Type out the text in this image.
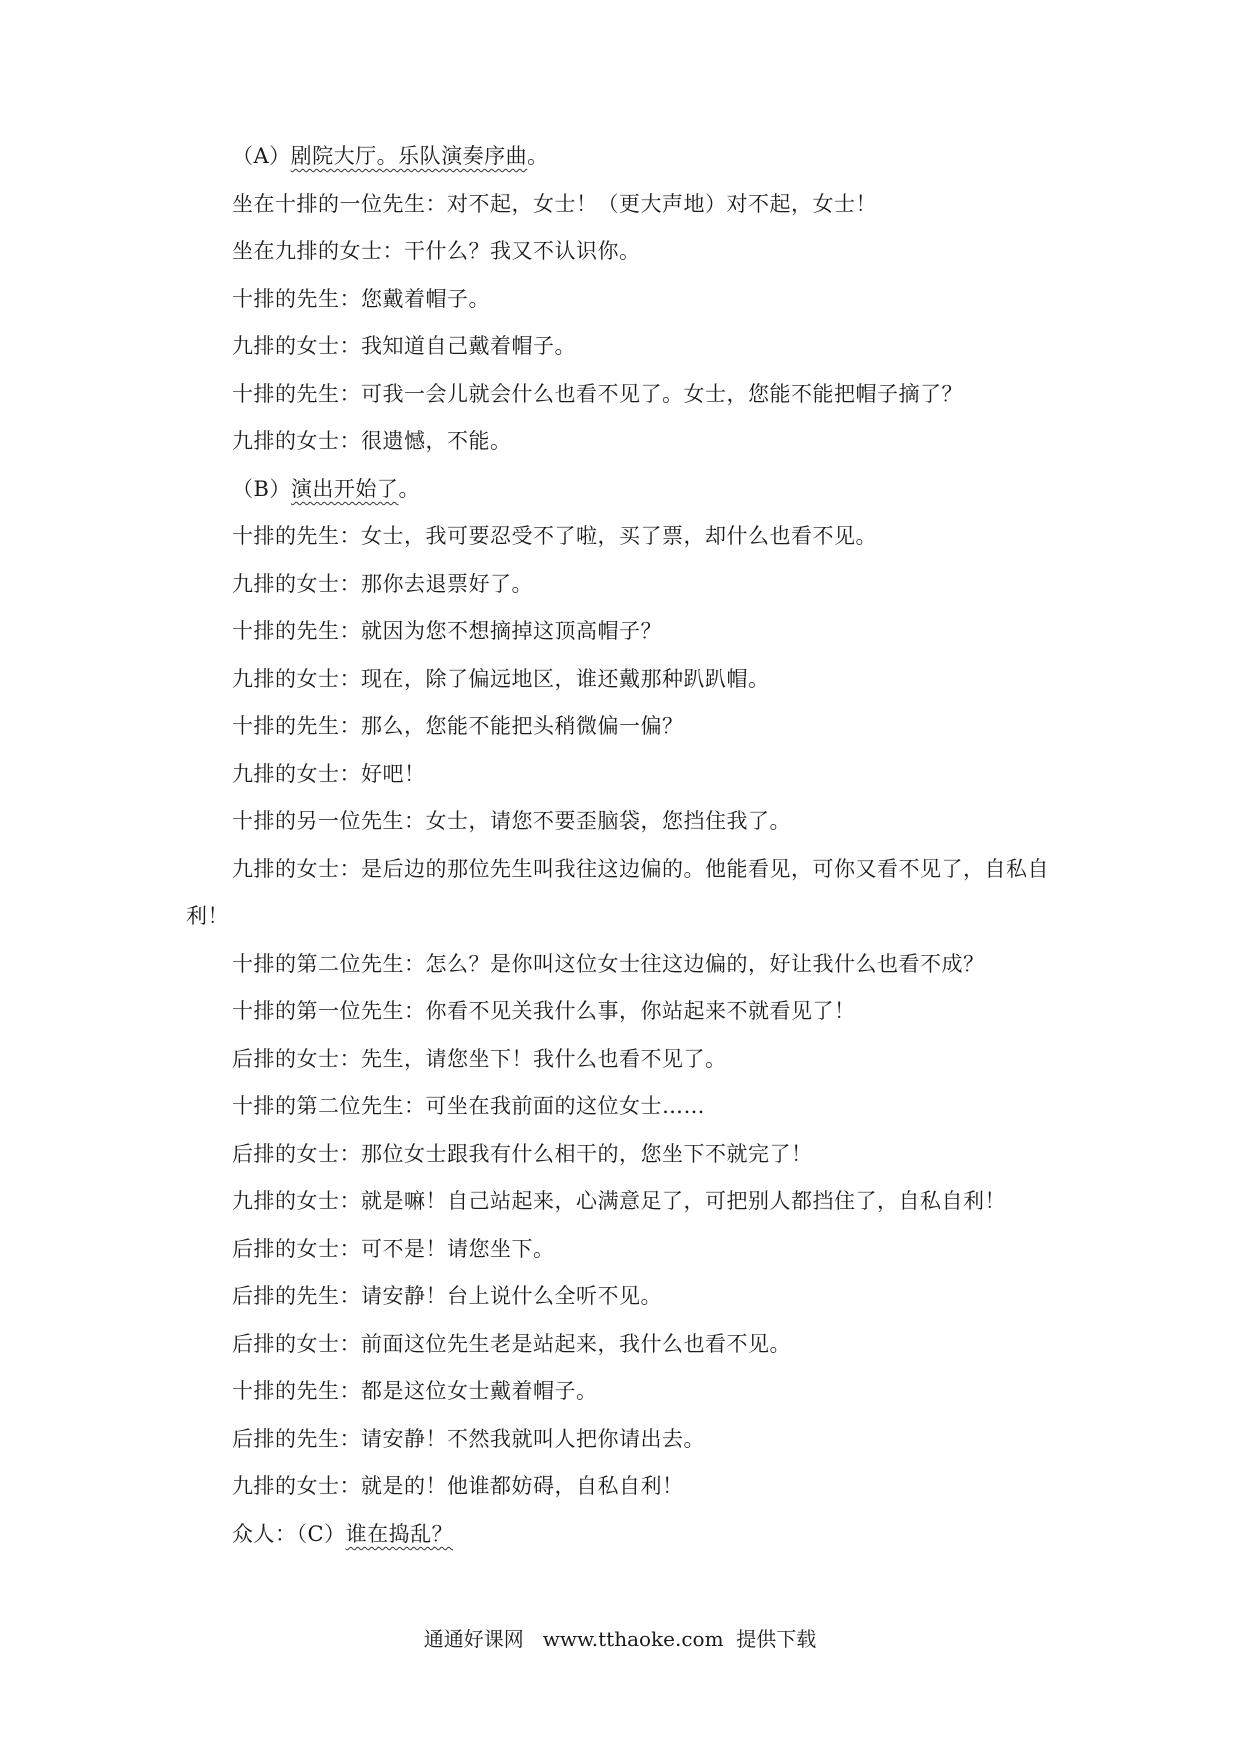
（A）剧院大厅。乐队演奏序曲。

坐在十排的一位先生：对不起，女士！（更大声地）对不起，女士！

坐在九排的女士：干什么？我又不认识你。

十排的先生：您戴着帽子。

九排的女士：我知道自己戴着帽子。

十排的先生：可我一会儿就会什么也看不见了。女士，您能不能把帽子摘了？

九排的女士：很遗憾，不能。

（B）演出开始了。

十排的先生：女士，我可要忍受不了啦，买了票，却什么也看不见。

九排的女士：那你去退票好了。

十排的先生：就因为您不想摘掉这顶高帽子？

九排的女士：现在，除了偏远地区，谁还戴那种趴趴帽。

十排的先生：那么，您能不能把头稍微偏一偏？

九排的女士：好吧！

十排的另一位先生：女士，请您不要歪脑袋，您挡住我了。

九排的女士：是后边的那位先生叫我往这边偏的。他能看见，可你又看不见了，自私自

利！

十排的第二位先生：怎么？是你叫这位女士往这边偏的，好让我什么也看不成？

十排的第一位先生：你看不见关我什么事，你站起来不就看见了！

后排的女士：先生，请您坐下！我什么也看不见了。

十排的第二位先生：可坐在我前面的这位女士……

后排的女士：那位女士跟我有什么相干的，您坐下不就完了！

九排的女士：就是嘛！自己站起来，心满意足了，可把别人都挡住了，自私自利！

后排的女士：可不是！请您坐下。

后排的先生：请安静！台上说什么全听不见。

后排的女士：前面这位先生老是站起来，我什么也看不见。

十排的先生：都是这位女士戴着帽子。

后排的先生：请安静！不然我就叫人把你请出去。

九排的女士：就是的！他谁都妨碍，自私自利！

众人：（C）谁在捣乱？

通通好课网   www.tthaoke.com  提供下载
